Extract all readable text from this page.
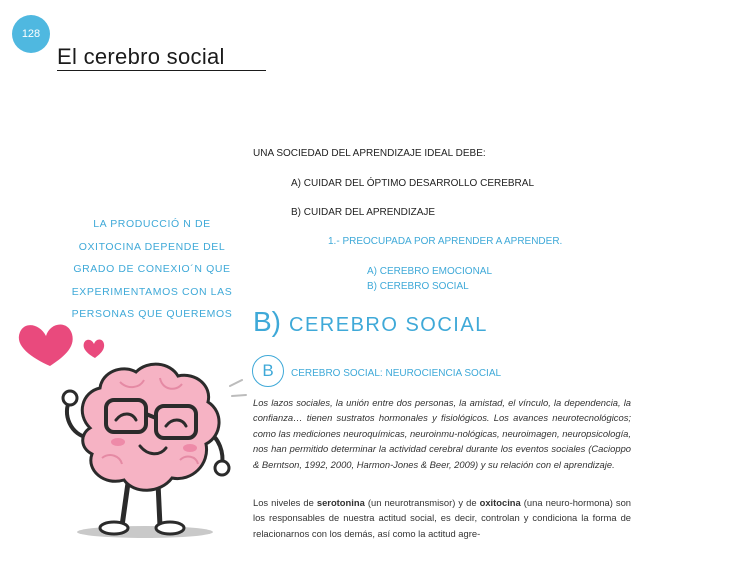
128
El cerebro social
LA PRODUCCIÓ N DE
OXITOCINA DEPENDE DEL
GRADO DE CONEXIO´N QUE
EXPERIMENTAMOS CON LAS
PERSONAS QUE QUEREMOS
UNA SOCIEDAD DEL APRENDIZAJE IDEAL DEBE:
A) CUIDAR DEL ÓPTIMO DESARROLLO CEREBRAL
B) CUIDAR DEL APRENDIZAJE
1.- PREOCUPADA POR APRENDER A APRENDER.
A) CEREBRO EMOCIONAL
B) CEREBRO SOCIAL
B) CEREBRO SOCIAL
B CEREBRO SOCIAL: NEUROCIENCIA SOCIAL
Los lazos sociales, la unión entre dos personas, la amistad, el vínculo, la dependencia, la confianza… tienen sustratos hormonales y fisiológicos. Los avances neurotecnológicos; como las mediciones neuroquímicas, neuroinmu-nológicas, neuroimagen, neuropsicología, nos han permitido determinar la actividad cerebral durante los eventos sociales (Cacioppo & Berntson, 1992, 2000, Harmon-Jones & Beer, 2009) y su relación con el aprendizaje.
Los niveles de serotonina (un neurotransmisor) y de oxitocina (una neuro-hormona) son los responsables de nuestra actitud social, es decir, controlan y condiciona la forma de relacionarnos con los demás, así como la actitud agre-
